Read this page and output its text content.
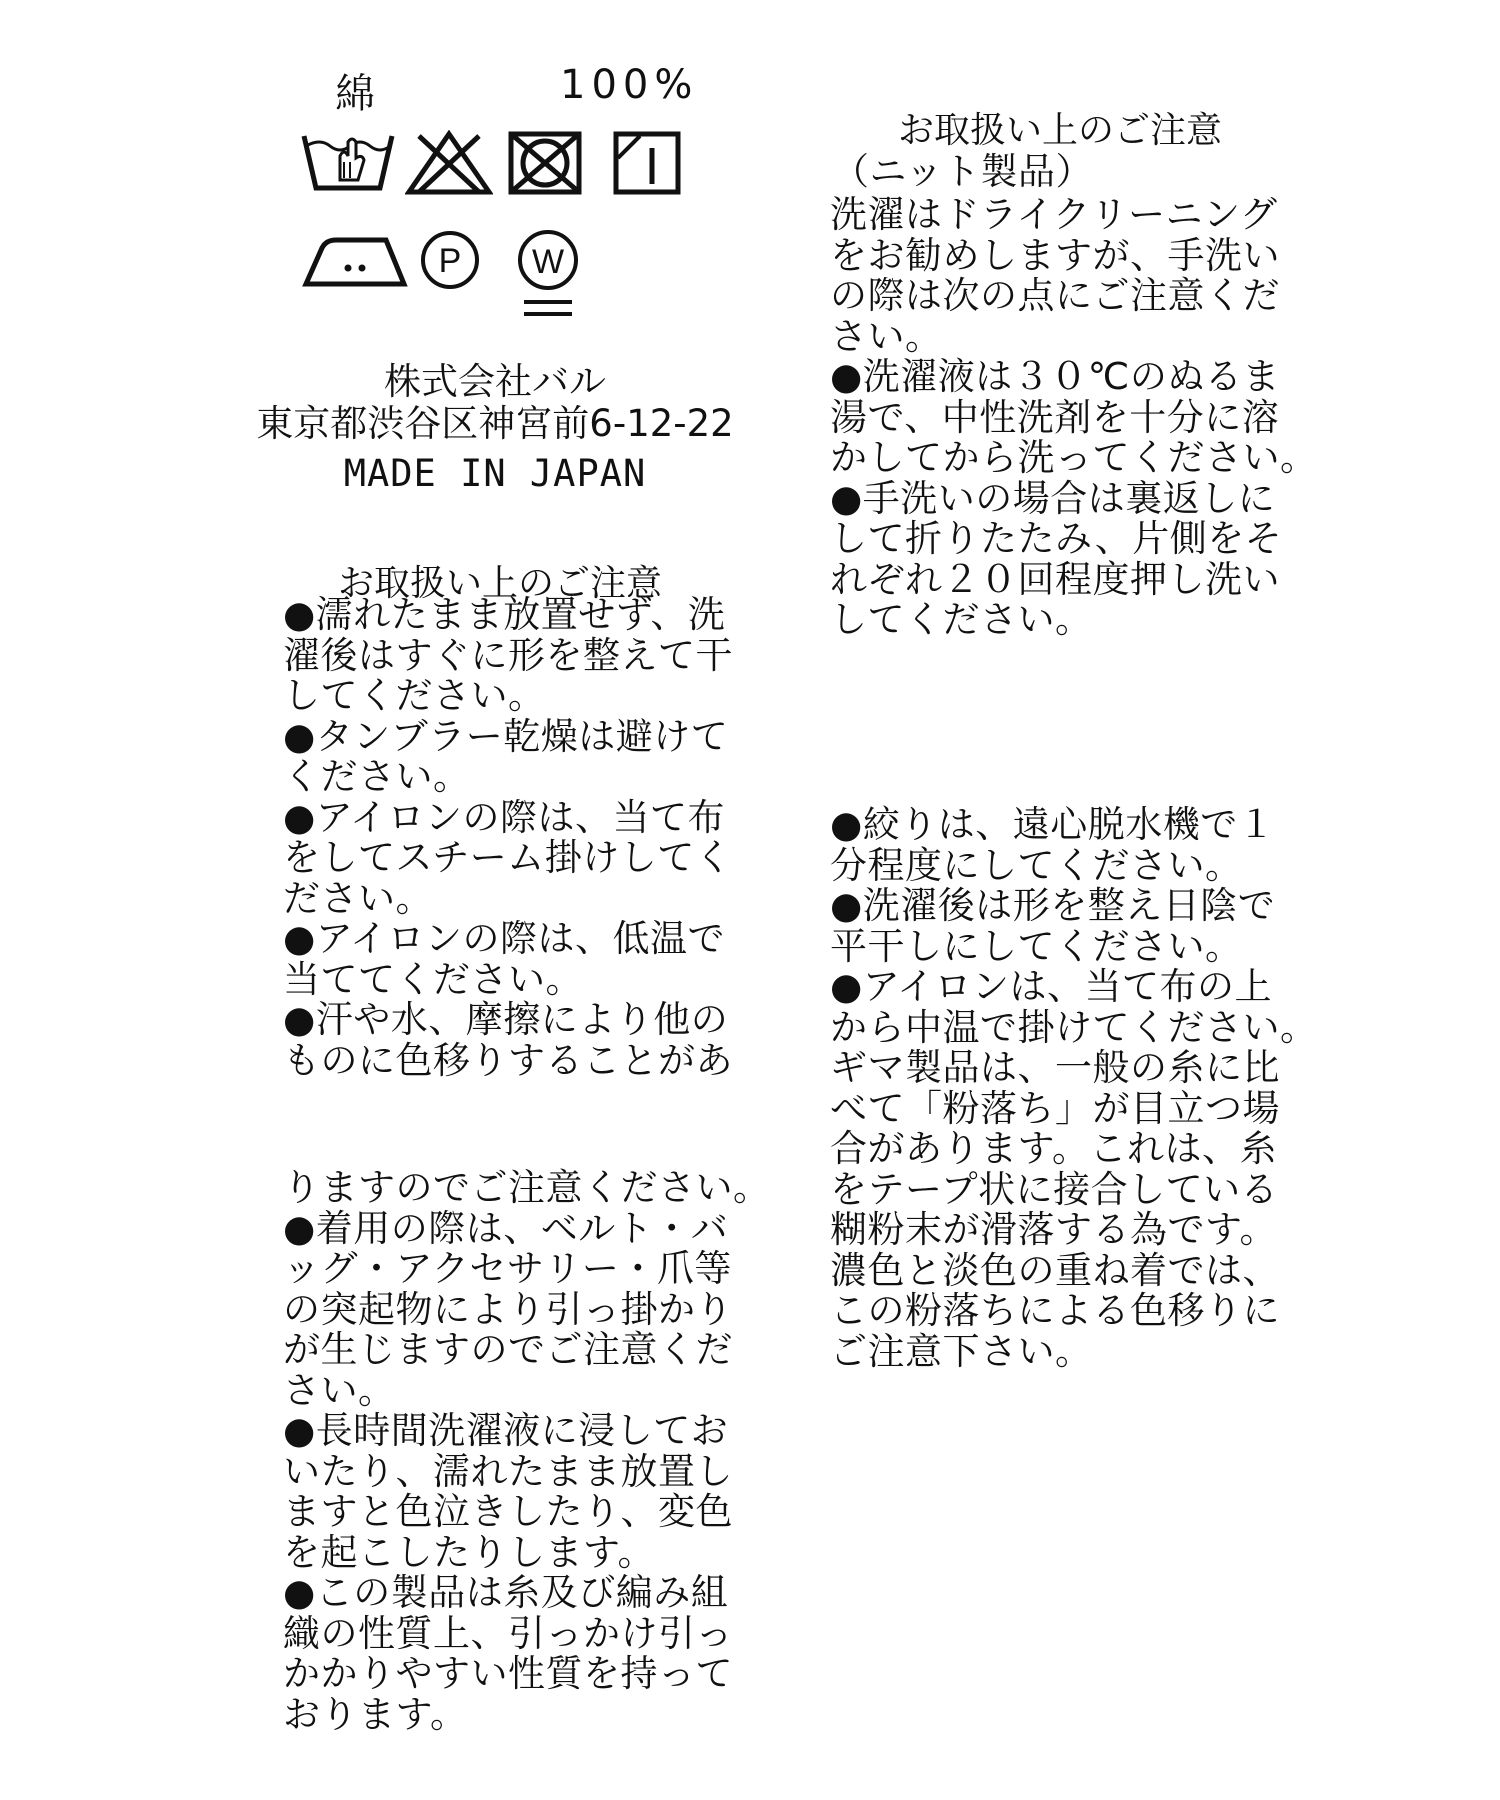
綿	100%
P W
株式会社バル
東京都渋谷区神宮前6-12-22
MADE IN JAPAN
お取扱い上のご注意
●濡れたまま放置せず、洗
濯後はすぐに形を整えて干
してください。
●タンブラー乾燥は避けて
ください。
●アイロンの際は、当て布
をしてスチーム掛けしてく
ださい。
●アイロンの際は、低温で
当ててください。
●汗や水、摩擦により他の
ものに色移りすることがあ
りますのでご注意ください。
●着用の際は、ベルト・バ
ッグ・アクセサリー・爪等
の突起物により引っ掛かり
が生じますのでご注意くだ
さい。
●長時間洗濯液に浸してお
いたり、濡れたまま放置し
ますと色泣きしたり、変色
を起こしたりします。
●この製品は糸及び編み組
織の性質上、引っかけ引っ
かかりやすい性質を持って
おります。
お取扱い上のご注意
（ニット製品）
洗濯はドライクリーニング
をお勧めしますが、手洗い
の際は次の点にご注意くだ
さい。
●洗濯液は３０℃のぬるま
湯で、中性洗剤を十分に溶
かしてから洗ってください。
●手洗いの場合は裏返しに
して折りたたみ、片側をそ
れぞれ２０回程度押し洗い
してください。
●絞りは、遠心脱水機で１
分程度にしてください。
●洗濯後は形を整え日陰で
平干しにしてください。
●アイロンは、当て布の上
から中温で掛けてください。
ギマ製品は、一般の糸に比
べて「粉落ち」が目立つ場
合があります。これは、糸
をテープ状に接合している
糊粉末が滑落する為です。
濃色と淡色の重ね着では、
この粉落ちによる色移りに
ご注意下さい。
